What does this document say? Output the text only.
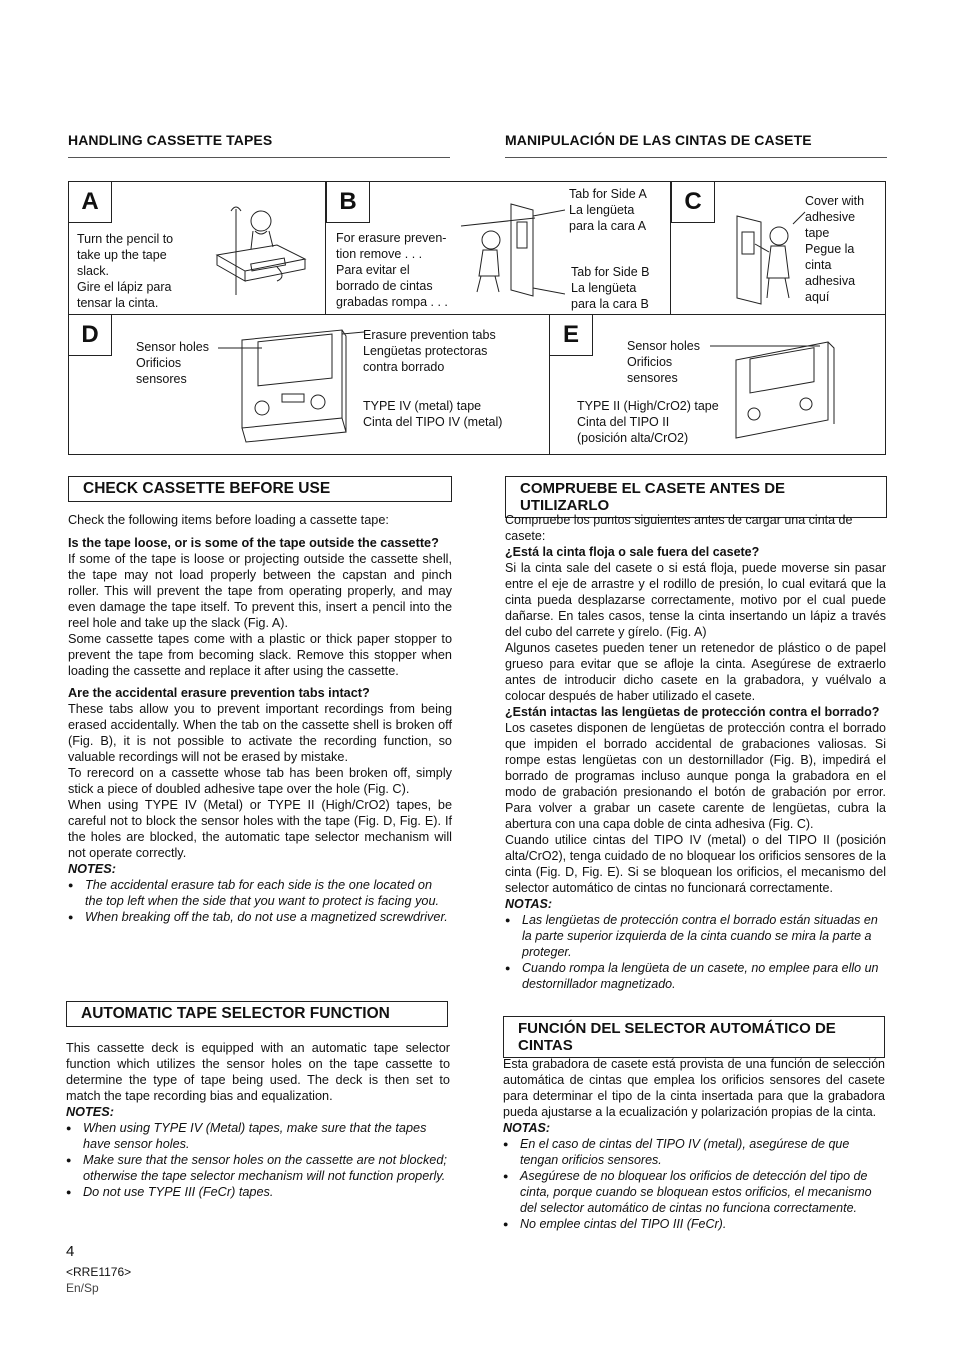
HANDLING CASSETTE TAPES	MANIPULACIÓN DE LAS CINTAS DE CASETE
A
Turn the pencil to
take up the tape
slack.
Gire el lápiz para
tensar la cinta.
B
For erasure preven-
tion remove . . .
Para evitar el
borrado de cintas
grabadas rompa . . .
Tab for Side A
La lengüeta
para la cara A
Tab for Side B
La lengüeta
para la cara B
C	Cover with
adhesive
tape
Pegue la
cinta
adhesiva
aquí
D	Sensor holes
Orificios
sensores
Erasure prevention tabs
Lengüetas protectoras
contra borrado
TYPE IV (metal) tape
Cinta del TIPO IV (metal)
E	Sensor holes
Orificios
sensores
TYPE II (High/CrO2) tape
Cinta del TIPO II
(posición alta/CrO2)
CHECK CASSETTE BEFORE USE

Check the following items before loading a cassette tape:

Is the tape loose, or is some of the tape outside the cassette?

If some of the tape is loose or projecting outside the cassette shell, the tape may not load properly between the capstan and pinch roller. This will prevent the tape from operating properly, and may even damage the tape itself. To prevent this, insert a pencil into the reel hole and take up the slack (Fig. A).

Some cassette tapes come with a plastic or thick paper stopper to prevent the tape from becoming slack. Remove this stopper when loading the cassette and replace it after using the cassette.

Are the accidental erasure prevention tabs intact?

These tabs allow you to prevent important recordings from being erased accidentally. When the tab on the cassette shell is broken off (Fig. B), it is not possible to activate the recording function, so valuable recordings will not be erased by mistake.

To rerecord on a cassette whose tab has been broken off, simply stick a piece of doubled adhesive tape over the hole (Fig. C).

When using TYPE IV (Metal) or TYPE II (High/CrO2) tapes, be careful not to block the sensor holes with the tape (Fig. D, Fig. E). If the holes are blocked, the automatic tape selector mechanism will not operate correctly.

NOTES:

● The accidental erasure tab for each side is the one located on the top left when the side that you want to protect is facing you.
● When breaking off the tab, do not use a magnetized screwdriver.
AUTOMATIC TAPE SELECTOR FUNCTION

This cassette deck is equipped with an automatic tape selector function which utilizes the sensor holes on the tape cassette to determine the type of tape being used. The deck is then set to match the tape recording bias and equalization.

NOTES:

● When using TYPE IV (Metal) tapes, make sure that the tapes have sensor holes.
● Make sure that the sensor holes on the cassette are not blocked; otherwise the tape selector mechanism will not function properly.
● Do not use TYPE III (FeCr) tapes.
COMPRUEBE EL CASETE ANTES DE UTILIZARLO

Compruebe los puntos siguientes antes de cargar una cinta de casete:

¿Está la cinta floja o sale fuera del casete?

Si la cinta sale del casete o si está floja, puede moverse sin pasar entre el eje de arrastre y el rodillo de presión, lo cual evitará que la cinta pueda desplazarse correctamente, motivo por el cual puede dañarse. En tales casos, tense la cinta insertando un lápiz a través del cubo del carrete y gírelo. (Fig. A)

Algunos casetes pueden tener un retenedor de plástico o de papel grueso para evitar que se afloje la cinta. Asegúrese de extraerlo antes de introducir dicho casete en la grabadora, y vuélvalo a colocar después de haber utilizado el casete.

¿Están intactas las lengüetas de protección contra el borrado?

Los casetes disponen de lengüetas de protección contra el borrado que impiden el borrado accidental de grabaciones valiosas. Si rompe estas lengüetas con un destornillador (Fig. B), impedirá el borrado de programas incluso aunque ponga la grabadora en el modo de grabación presionando el botón de grabación por error. Para volver a grabar un casete carente de lengüetas, cubra la abertura con una capa doble de cinta adhesiva (Fig. C).

Cuando utilice cintas del TIPO IV (metal) o del TIPO II (posición alta/CrO2), tenga cuidado de no bloquear los orificios sensores de la cinta (Fig. D, Fig. E). Si se bloquean los orificios, el mecanismo del selector automático de cintas no funcionará correctamente.

NOTAS:

● Las lengüetas de protección contra el borrado están situadas en la parte superior izquierda de la cinta cuando se mira la parte a proteger.
● Cuando rompa la lengüeta de un casete, no emplee para ello un destornillador magnetizado.
FUNCIÓN DEL SELECTOR AUTOMÁTICO DE CINTAS

Esta grabadora de casete está provista de una función de selección automática de cintas que emplea los orificios sensores del casete para determinar el tipo de la cinta insertada para que la grabadora pueda ajustarse a la ecualización y polarización propias de la cinta.

NOTAS:

● En el caso de cintas del TIPO IV (metal), asegúrese de que tengan orificios sensores.
● Asegúrese de no bloquear los orificios de detección del tipo de cinta, porque cuando se bloquean estos orificios, el mecanismo del selector automático de cintas no funciona correctamente.
● No emplee cintas del TIPO III (FeCr).
4
<RRE1176>
En/Sp
